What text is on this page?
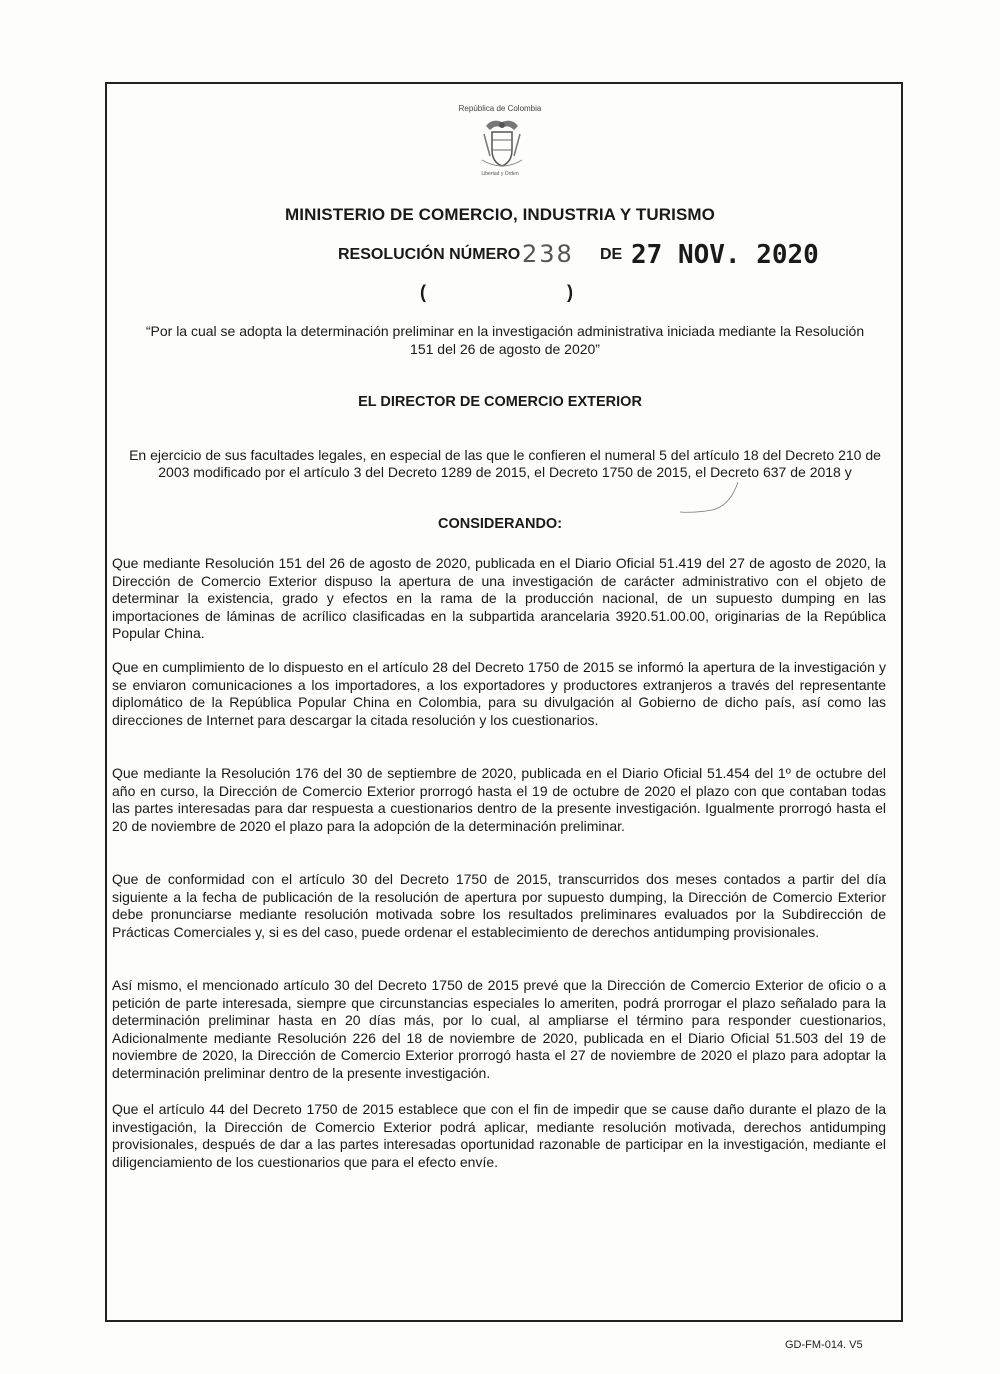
República de Colombia
Libertad y Orden
MINISTERIO DE COMERCIO, INDUSTRIA Y TURISMO
RESOLUCIÓN NÚMERO 238 DE 27 NOV. 2020
(	)
“Por la cual se adopta la determinación preliminar en la investigación administrativa iniciada mediante la Resolución 151 del 26 de agosto de 2020”
EL DIRECTOR DE COMERCIO EXTERIOR
En ejercicio de sus facultades legales, en especial de las que le confieren el numeral 5 del artículo 18 del Decreto 210 de 2003 modificado por el artículo 3 del Decreto 1289 de 2015, el Decreto 1750 de 2015, el Decreto 637 de 2018 y
CONSIDERANDO:
Que mediante Resolución 151 del 26 de agosto de 2020, publicada en el Diario Oficial 51.419 del 27 de agosto de 2020, la Dirección de Comercio Exterior dispuso la apertura de una investigación de carácter administrativo con el objeto de determinar la existencia, grado y efectos en la rama de la producción nacional, de un supuesto dumping en las importaciones de láminas de acrílico clasificadas en la subpartida arancelaria 3920.51.00.00, originarias de la República Popular China.
Que en cumplimiento de lo dispuesto en el artículo 28 del Decreto 1750 de 2015 se informó la apertura de la investigación y se enviaron comunicaciones a los importadores, a los exportadores y productores extranjeros a través del representante diplomático de la República Popular China en Colombia, para su divulgación al Gobierno de dicho país, así como las direcciones de Internet para descargar la citada resolución y los cuestionarios.
Que mediante la Resolución 176 del 30 de septiembre de 2020, publicada en el Diario Oficial 51.454 del 1º de octubre del año en curso, la Dirección de Comercio Exterior prorrogó hasta el 19 de octubre de 2020 el plazo con que contaban todas las partes interesadas para dar respuesta a cuestionarios dentro de la presente investigación. Igualmente prorrogó hasta el 20 de noviembre de 2020 el plazo para la adopción de la determinación preliminar.
Que de conformidad con el artículo 30 del Decreto 1750 de 2015, transcurridos dos meses contados a partir del día siguiente a la fecha de publicación de la resolución de apertura por supuesto dumping, la Dirección de Comercio Exterior debe pronunciarse mediante resolución motivada sobre los resultados preliminares evaluados por la Subdirección de Prácticas Comerciales y, si es del caso, puede ordenar el establecimiento de derechos antidumping provisionales.
Así mismo, el mencionado artículo 30 del Decreto 1750 de 2015 prevé que la Dirección de Comercio Exterior de oficio o a petición de parte interesada, siempre que circunstancias especiales lo ameriten, podrá prorrogar el plazo señalado para la determinación preliminar hasta en 20 días más, por lo cual, al ampliarse el término para responder cuestionarios, Adicionalmente mediante Resolución 226 del 18 de noviembre de 2020, publicada en el Diario Oficial 51.503 del 19 de noviembre de 2020, la Dirección de Comercio Exterior prorrogó hasta el 27 de noviembre de 2020 el plazo para adoptar la determinación preliminar dentro de la presente investigación.
Que el artículo 44 del Decreto 1750 de 2015 establece que con el fin de impedir que se cause daño durante el plazo de la investigación, la Dirección de Comercio Exterior podrá aplicar, mediante resolución motivada, derechos antidumping provisionales, después de dar a las partes interesadas oportunidad razonable de participar en la investigación, mediante el diligenciamiento de los cuestionarios que para el efecto envíe.
GD-FM-014. V5
